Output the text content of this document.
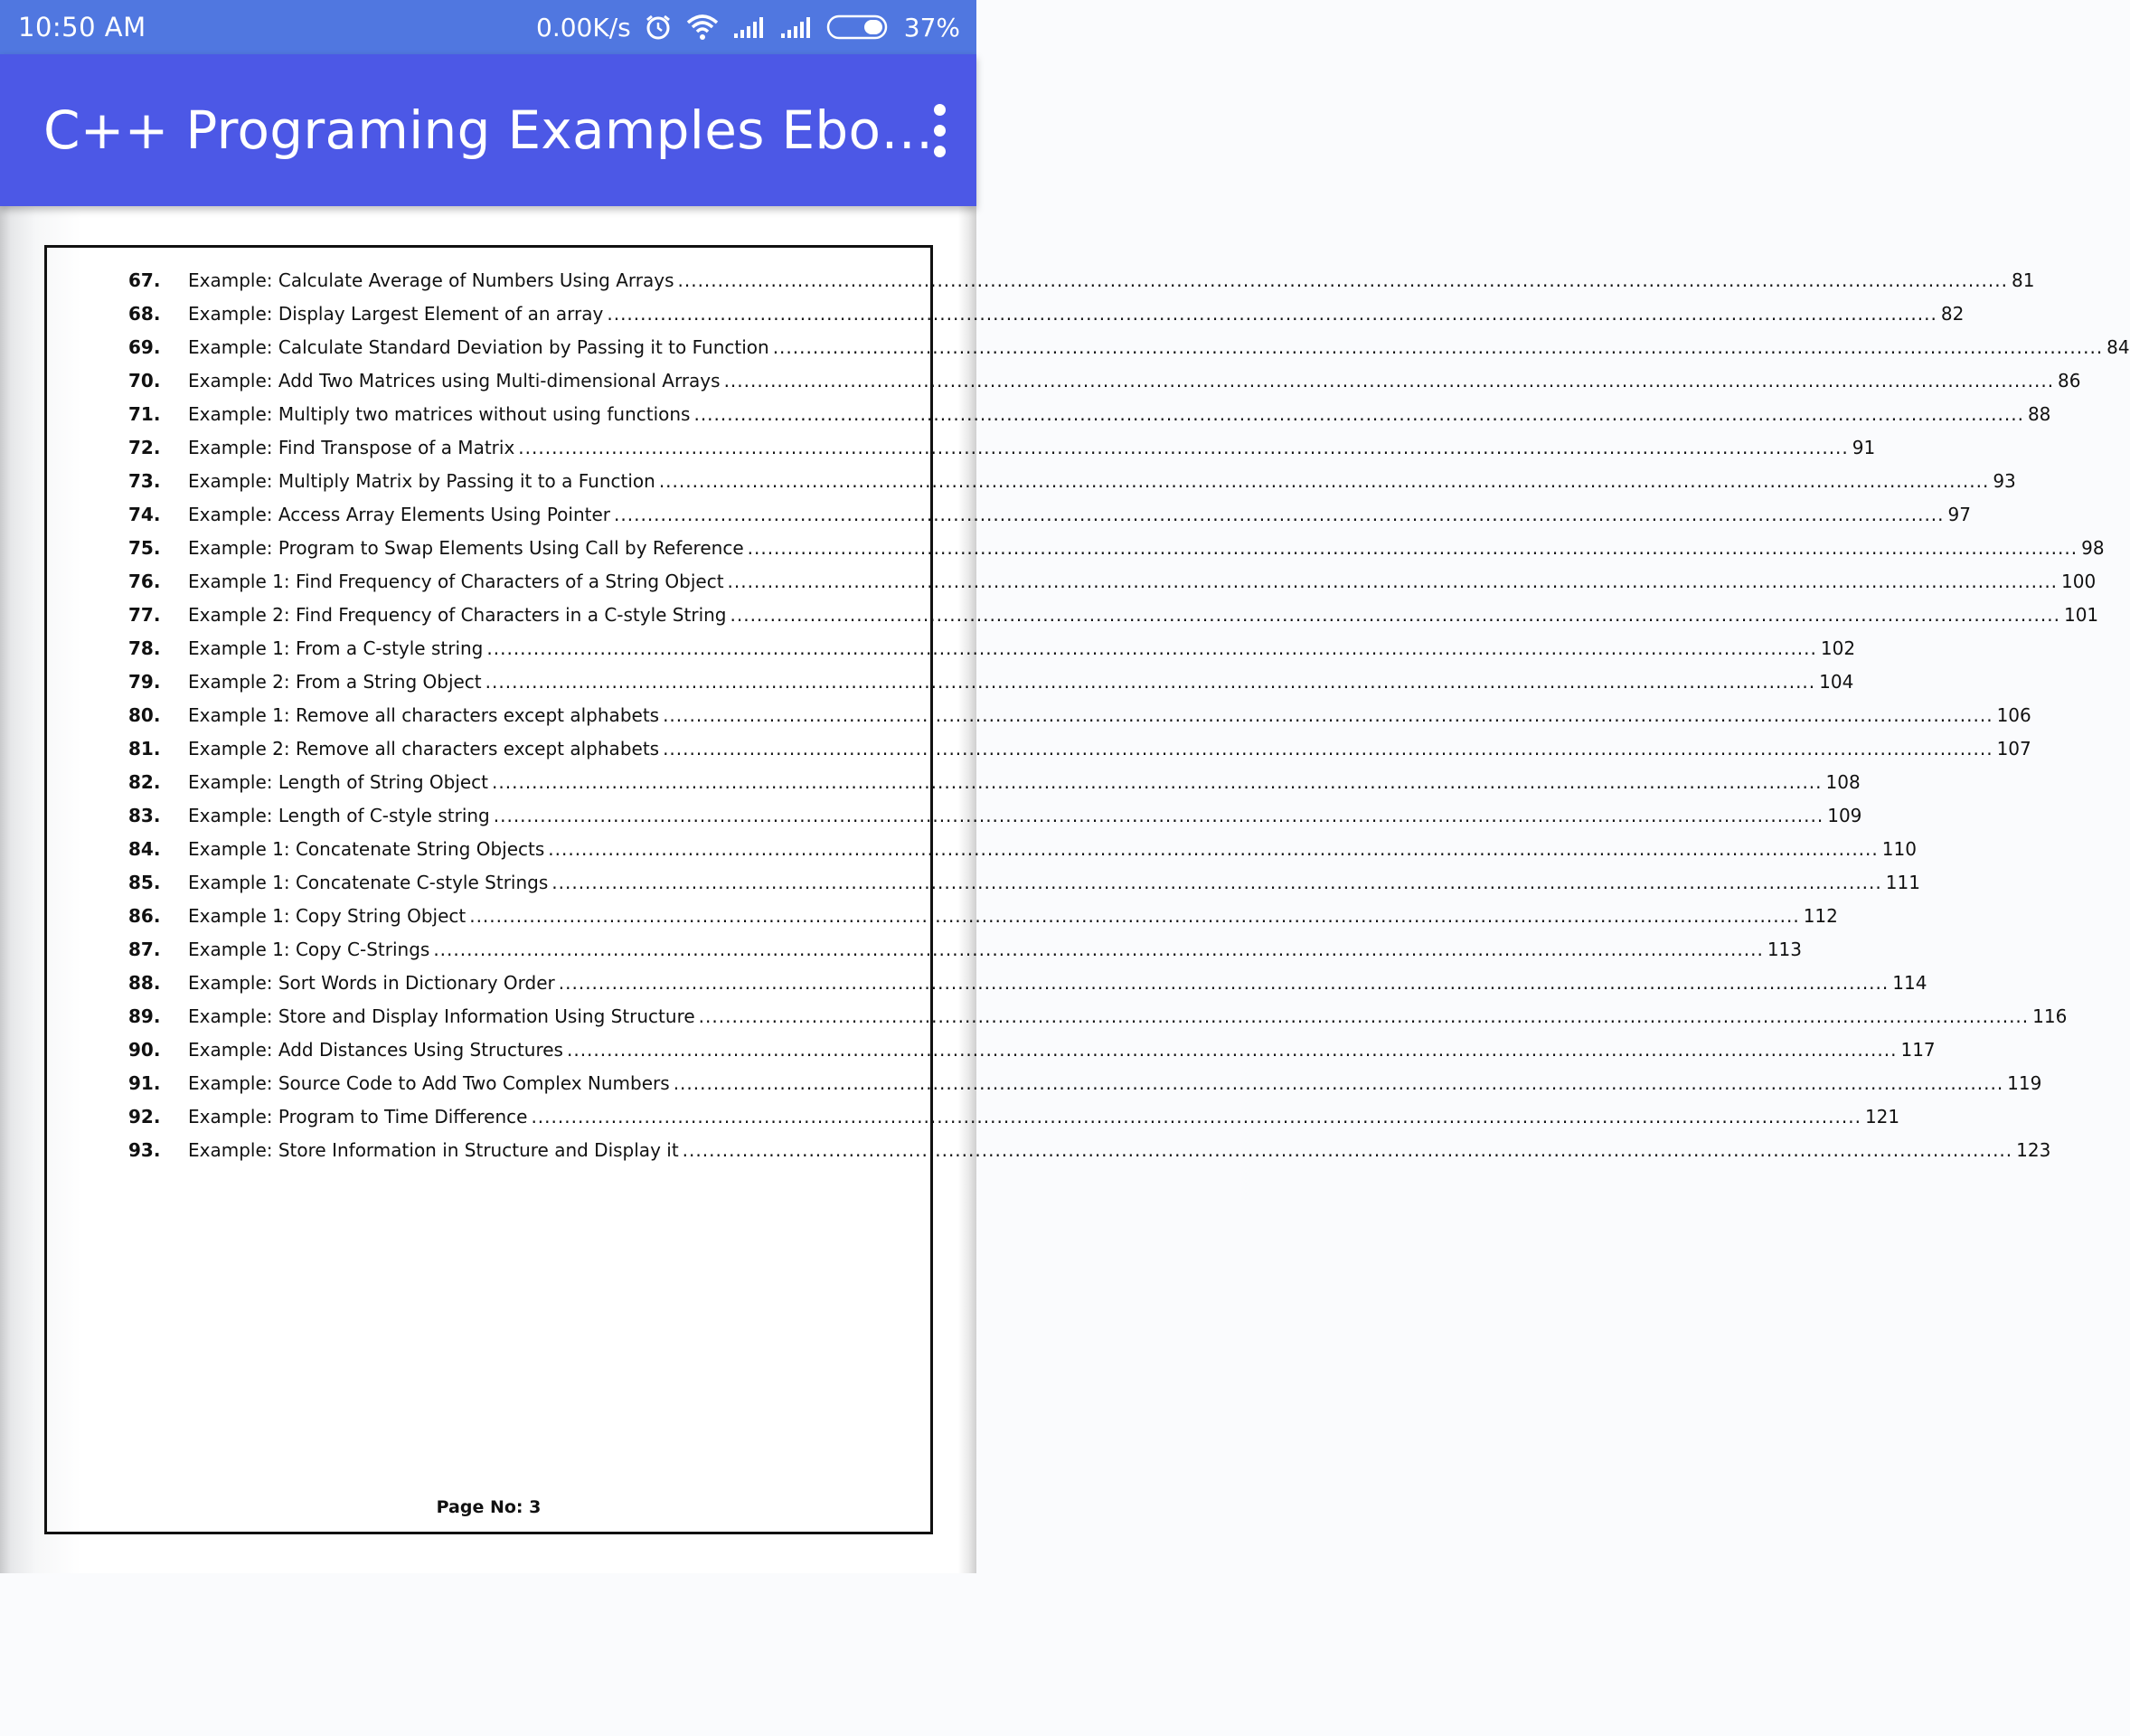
10:50 AM	0.00K/s	37%
C++ Programing Examples Ebo…
67.	Example: Calculate Average of Numbers Using Arrays ........................................................................................................................................................................................................ 81
68.	Example: Display Largest Element of an array ........................................................................................................................................................................................................ 82
69.	Example: Calculate Standard Deviation by Passing it to Function ........................................................................................................................................................................................................ 84
70.	Example: Add Two Matrices using Multi-dimensional Arrays ........................................................................................................................................................................................................ 86
71.	Example: Multiply two matrices without using functions ........................................................................................................................................................................................................ 88
72.	Example: Find Transpose of a Matrix ........................................................................................................................................................................................................ 91
73.	Example: Multiply Matrix by Passing it to a Function ........................................................................................................................................................................................................ 93
74.	Example: Access Array Elements Using Pointer ........................................................................................................................................................................................................ 97
75.	Example: Program to Swap Elements Using Call by Reference ........................................................................................................................................................................................................ 98
76.	Example 1: Find Frequency of Characters of a String Object ........................................................................................................................................................................................................ 100
77.	Example 2: Find Frequency of Characters in a C-style String ........................................................................................................................................................................................................ 101
78.	Example 1: From a C-style string ........................................................................................................................................................................................................ 102
79.	Example 2: From a String Object ........................................................................................................................................................................................................ 104
80.	Example 1: Remove all characters except alphabets ........................................................................................................................................................................................................ 106
81.	Example 2: Remove all characters except alphabets ........................................................................................................................................................................................................ 107
82.	Example: Length of String Object ........................................................................................................................................................................................................ 108
83.	Example: Length of C-style string ........................................................................................................................................................................................................ 109
84.	Example 1: Concatenate String Objects ........................................................................................................................................................................................................ 110
85.	Example 1: Concatenate C-style Strings ........................................................................................................................................................................................................ 111
86.	Example 1: Copy String Object ........................................................................................................................................................................................................ 112
87.	Example 1: Copy C-Strings ........................................................................................................................................................................................................ 113
88.	Example: Sort Words in Dictionary Order ........................................................................................................................................................................................................ 114
89.	Example: Store and Display Information Using Structure ........................................................................................................................................................................................................ 116
90.	Example: Add Distances Using Structures ........................................................................................................................................................................................................ 117
91.	Example: Source Code to Add Two Complex Numbers ........................................................................................................................................................................................................ 119
92.	Example: Program to Time Difference ........................................................................................................................................................................................................ 121
93.	Example: Store Information in Structure and Display it ........................................................................................................................................................................................................ 123
Page No: 3
